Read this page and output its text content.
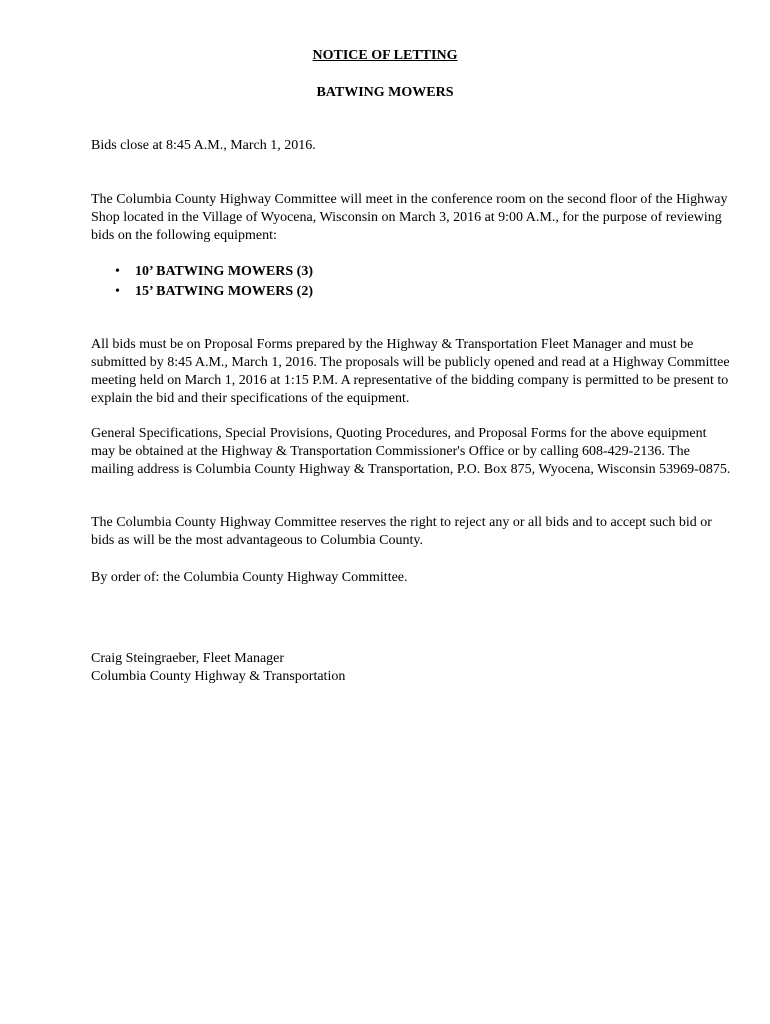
NOTICE OF LETTING
BATWING MOWERS

Bids close at 8:45 A.M., March 1, 2016.

The Columbia County Highway Committee will meet in the conference room on the second floor of the Highway Shop located in the Village of Wyocena, Wisconsin on March 3, 2016 at 9:00 A.M., for the purpose of reviewing bids on the following equipment:

• 10’ BATWING MOWERS (3)
• 15’ BATWING MOWERS (2)

All bids must be on Proposal Forms prepared by the Highway & Transportation Fleet Manager and must be submitted by 8:45 A.M., March 1, 2016. The proposals will be publicly opened and read at a Highway Committee meeting held on March 1, 2016 at 1:15 P.M. A representative of the bidding company is permitted to be present to explain the bid and their specifications of the equipment.

General Specifications, Special Provisions, Quoting Procedures, and Proposal Forms for the above equipment may be obtained at the Highway & Transportation Commissioner's Office or by calling 608-429-2136. The mailing address is Columbia County Highway & Transportation, P.O. Box 875, Wyocena, Wisconsin 53969-0875.

The Columbia County Highway Committee reserves the right to reject any or all bids and to accept such bid or bids as will be the most advantageous to Columbia County.

By order of: the Columbia County Highway Committee.

Craig Steingraeber, Fleet Manager
Columbia County Highway & Transportation
